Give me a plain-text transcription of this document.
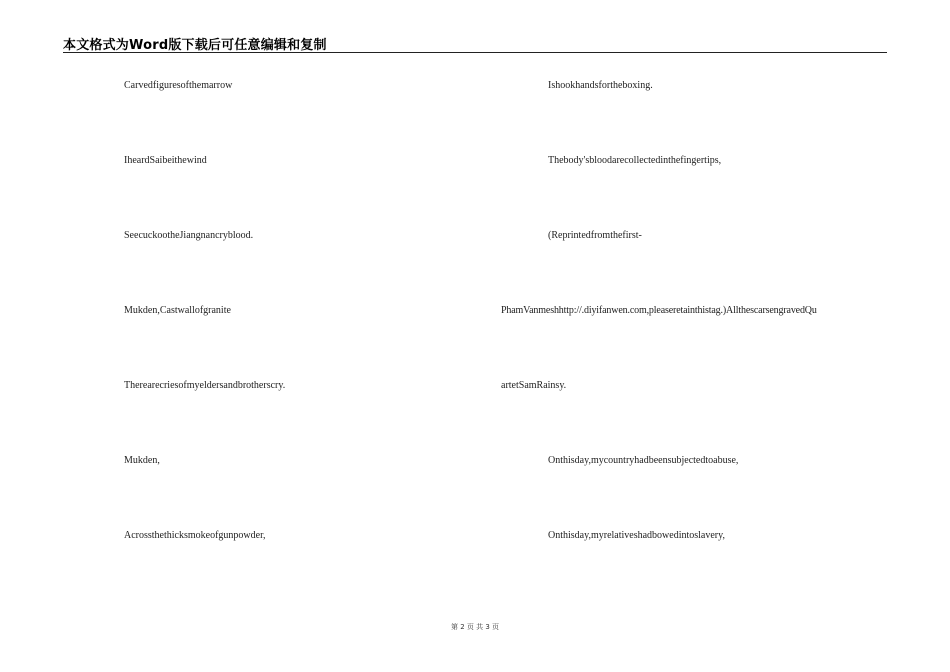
本文格式为Word版下载后可任意编辑和复制
Carvedfiguresofthemarrow
IheardSaibeithewind
SeecuckootheJiangnancryblood.
Mukden,Castwallofgranite
Therearecriesofmyeldersandbrotherscry.
Mukden,
Acrossthethicksmokeofgunpowder,
Ishookhandsfortheboxing.
Thebody'sbloodarecollectedinthefingertips,
(Reprintedfromthefirst-
PhamVanmeshhttp://.diyifanwen.com,pleaseretainthistag.)AllthescarsengravedQu
artetSamRainsy.
Onthisday,mycountryhadbeensubjectedtoabuse,
Onthisday,myrelativeshadbowedintoslavery,
第 2 页 共 3 页
